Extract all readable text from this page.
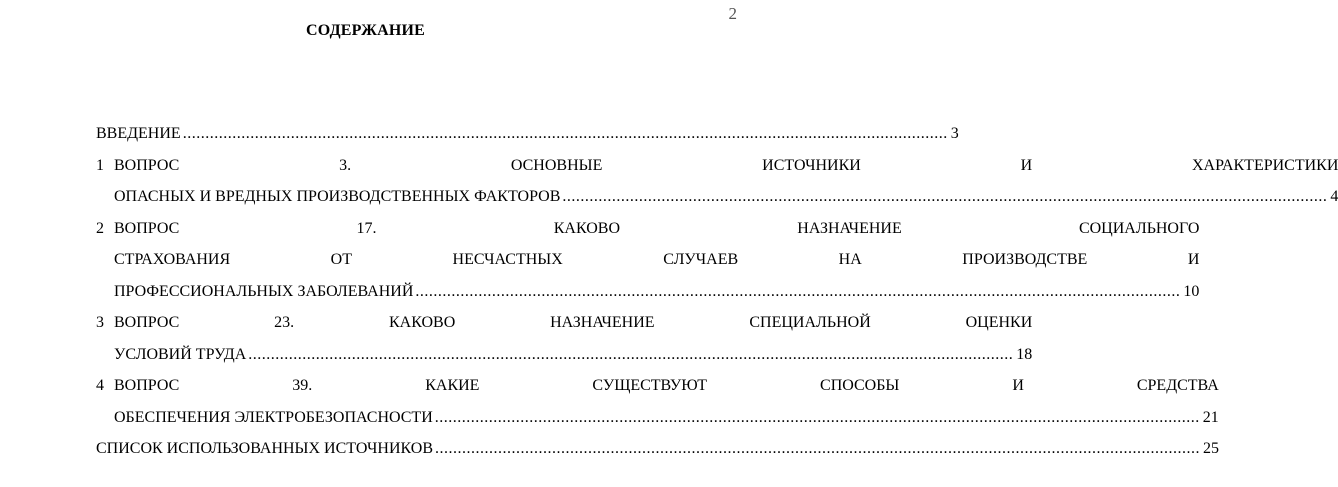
2
СОДЕРЖАНИЕ
ВВЕДЕНИЕ .....	3
1 ВОПРОС 3. ОСНОВНЫЕ ИСТОЧНИКИ И ХАРАКТЕРИСТИКИ
ОПАСНЫХ И ВРЕДНЫХ ПРОИЗВОДСТВЕННЫХ ФАКТОРОВ .....	4
2 ВОПРОС 17. КАКОВО НАЗНАЧЕНИЕ СОЦИАЛЬНОГО
СТРАХОВАНИЯ ОТ НЕСЧАСТНЫХ СЛУЧАЕВ НА ПРОИЗВОДСТВЕ И
ПРОФЕССИОНАЛЬНЫХ ЗАБОЛЕВАНИЙ .....	10
3 ВОПРОС 23. КАКОВО НАЗНАЧЕНИЕ СПЕЦИАЛЬНОЙ ОЦЕНКИ
УСЛОВИЙ ТРУДА .....	18
4 ВОПРОС 39. КАКИЕ СУЩЕСТВУЮТ СПОСОБЫ И СРЕДСТВА
ОБЕСПЕЧЕНИЯ ЭЛЕКТРОБЕЗОПАСНОСТИ .....	21
СПИСОК ИСПОЛЬЗОВАННЫХ ИСТОЧНИКОВ .....	25
